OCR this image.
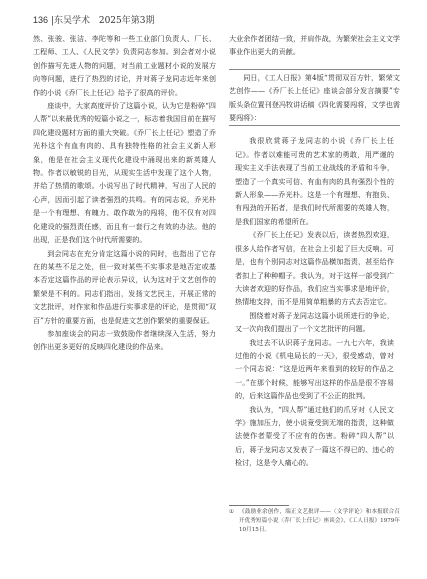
136 |东吴学术 2025年第3期

然、张骏、张洁、李陀等和一些工业部门负责人、厂长、工程师、工人、《人民文学》负责同志参加。到会者对小说创作描写先进人物的问题，对当前工业题材小说的发展方向等问题，进行了热烈的讨论，并对蒋子龙同志近年来创作的小说《乔厂长上任记》给予了很高的评价。

座谈中，大家高度评价了这篇小说，认为它是粉碎“四人帮”以来最优秀的短篇小说之一，标志着我国目前在描写四化建设题材方面的重大突破。《乔厂长上任记》塑造了乔光朴这个有血有肉的、具有独特性格的社会主义新人形象，他是在社会主义现代化建设中涌现出来的新英雄人物。作者以敏锐的目光，从现实生活中发现了这个人物，并给了热情的歌颂。小说写出了时代精神，写出了人民的心声，因而引起了读者强烈的共鸣。有的同志说，乔光朴是一个有理想、有魄力、敢作敢为的闯将，他不仅有对四化建设的强烈责任感，而且有一套行之有效的办法。他的出现，正是我们这个时代所需要的。

到会同志在充分肯定这篇小说的同时，也指出了它存在的某些不足之处，但一致对某些不实事求是地否定或基本否定这篇作品的评论表示异议，认为这对于文艺创作的繁荣是不利的。同志们指出，发扬文艺民主，开展正常的文艺批评，对作家和作品进行实事求是的评论，是贯彻“双百”方针的重要方面，也是促进文艺创作繁荣的重要保证。

参加座谈会的同志一致鼓励作者继续深入生活，努力创作出更多更好的反映四化建设的作品来。

大业余作者团结一致，并肩作战，为繁荣社会主义文学事业作出更大的贡献。

同日，《工人日报》第4版“贯彻双百方针，繁荣文艺创作——《乔厂长上任记》座谈会部分发言摘要”专版头条位置刊登冯牧讲话稿《四化需要闯将，文学也需要闯将》：

我很欣赏蒋子龙同志的小说《乔厂长上任记》。作者以难能可贵的艺术家的勇敢，用严谨的现实主义手法表现了当前工业战线的矛盾和斗争，塑造了一个真实可信、有血有肉的具有强烈个性的新人形象——乔光朴。这是一个有理想、有抱负、有闯劲的开拓者，是我们时代所需要的英雄人物，是我们国家的希望所在。

《乔厂长上任记》发表以后，读者热烈欢迎，很多人给作者写信，在社会上引起了巨大反响。可是，也有个别同志对这篇作品横加指责，甚至给作者扣上了种种帽子。我认为，对于这样一部受到广大读者欢迎的好作品，我们应当实事求是地评价，热情地支持，而不是用简单粗暴的方式去否定它。

围绕着对蒋子龙同志这篇小说所进行的争论，又一次向我们提出了一个文艺批评的问题。

我过去不认识蒋子龙同志。一九七六年，我读过他的小说《机电局长的一天》，很受感动，曾对一个同志说：“这是近两年来看到的较好的作品之一。”在那个时候，能够写出这样的作品是很不容易的，后来这篇作品也受到了不公正的批判。

我认为，“四人帮”通过他们的爪牙对《人民文学》施加压力，使小说竟受到无端的指责，这种做法使作者蒙受了不应有的伤害。粉碎“四人帮”以后，蒋子龙同志又发表了一篇这不得已的、违心的检讨，这是令人痛心的。

① 《鼓励业余创作，端正文艺批评——〈文学评论〉和本报联合召开优秀短篇小说〈乔厂长上任记〉座谈会》，《工人日报》1979年10月15日。
